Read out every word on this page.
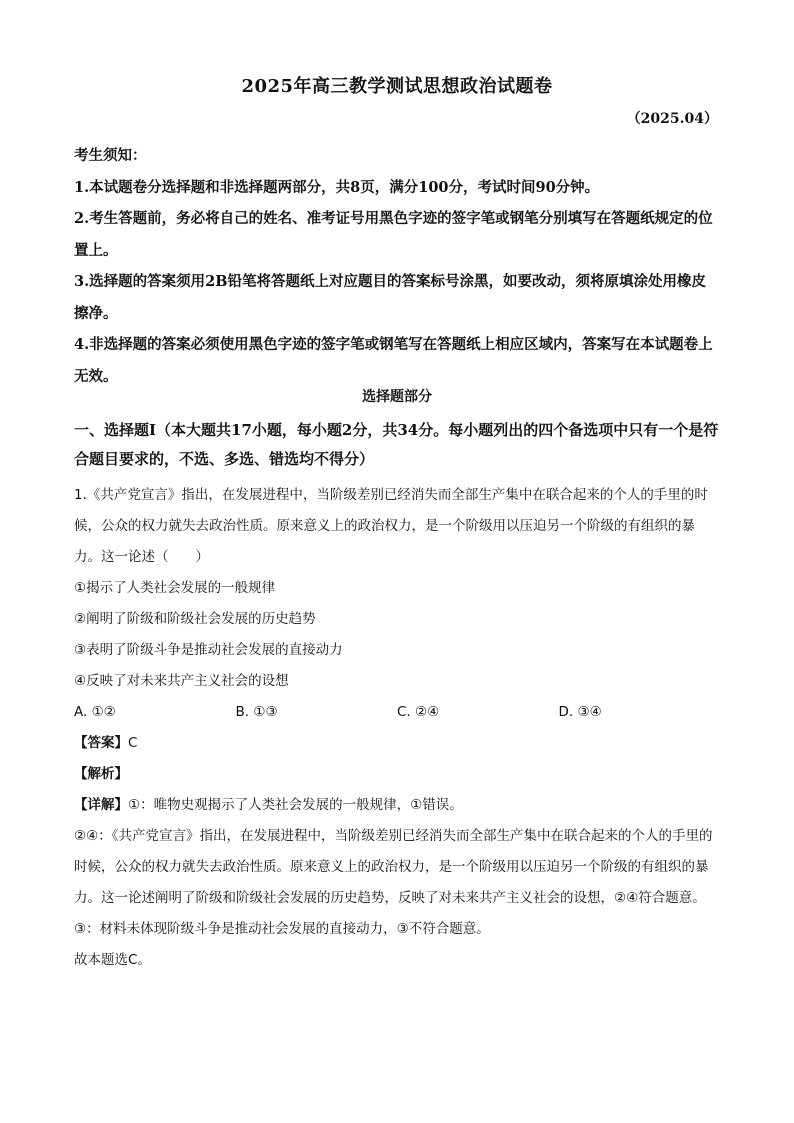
2025年高三教学测试思想政治试题卷
（2025.04）

考生须知：

1.本试题卷分选择题和非选择题两部分，共8页，满分100分，考试时间90分钟。

2.考生答题前，务必将自己的姓名、准考证号用黑色字迹的签字笔或钢笔分别填写在答题纸规定的位置上。

3.选择题的答案须用2B铅笔将答题纸上对应题目的答案标号涂黑，如要改动，须将原填涂处用橡皮擦净。

4.非选择题的答案必须使用黑色字迹的签字笔或钢笔写在答题纸上相应区域内，答案写在本试题卷上无效。

选择题部分

一、选择题Ⅰ（本大题共17小题，每小题2分，共34分。每小题列出的四个备选项中只有一个是符合题目要求的，不选、多选、错选均不得分）

1.《共产党宣言》指出，在发展进程中，当阶级差别已经消失而全部生产集中在联合起来的个人的手里的时候，公众的权力就失去政治性质。原来意义上的政治权力，是一个阶级用以压迫另一个阶级的有组织的暴力。这一论述（　　）

①揭示了人类社会发展的一般规律

②阐明了阶级和阶级社会发展的历史趋势

③表明了阶级斗争是推动社会发展的直接动力

④反映了对未来共产主义社会的设想

A. ①②	B. ①③	C. ②④	D. ③④

【答案】C

【解析】

【详解】①：唯物史观揭示了人类社会发展的一般规律，①错误。

②④：《共产党宣言》指出，在发展进程中，当阶级差别已经消失而全部生产集中在联合起来的个人的手里的时候，公众的权力就失去政治性质。原来意义上的政治权力，是一个阶级用以压迫另一个阶级的有组织的暴力。这一论述阐明了阶级和阶级社会发展的历史趋势，反映了对未来共产主义社会的设想，②④符合题意。

③：材料未体现阶级斗争是推动社会发展的直接动力，③不符合题意。

故本题选C。
